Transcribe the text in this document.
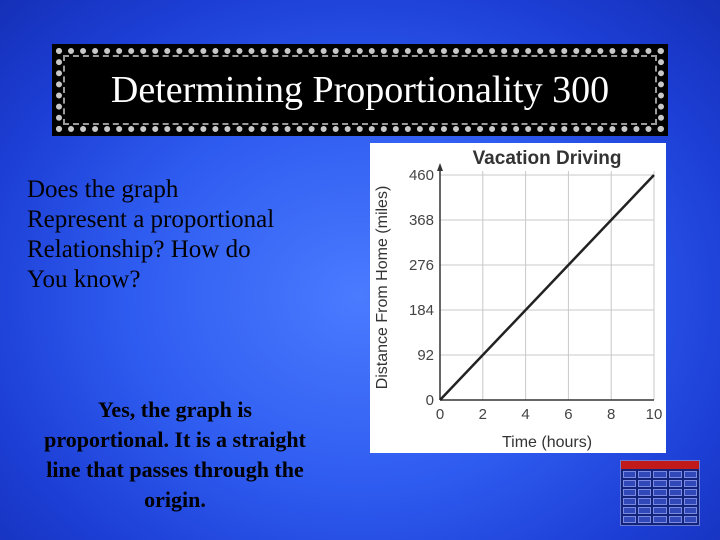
Determining Proportionality 300
Does the graph
Represent a proportional
Relationship? How do
You know?
Yes, the graph is
proportional. It is a straight
line that passes through the
origin.
Vacation Driving
0 2 4 6 8 10
0
92
184
276
368
460
Time (hours)
Distance From Home (miles)
